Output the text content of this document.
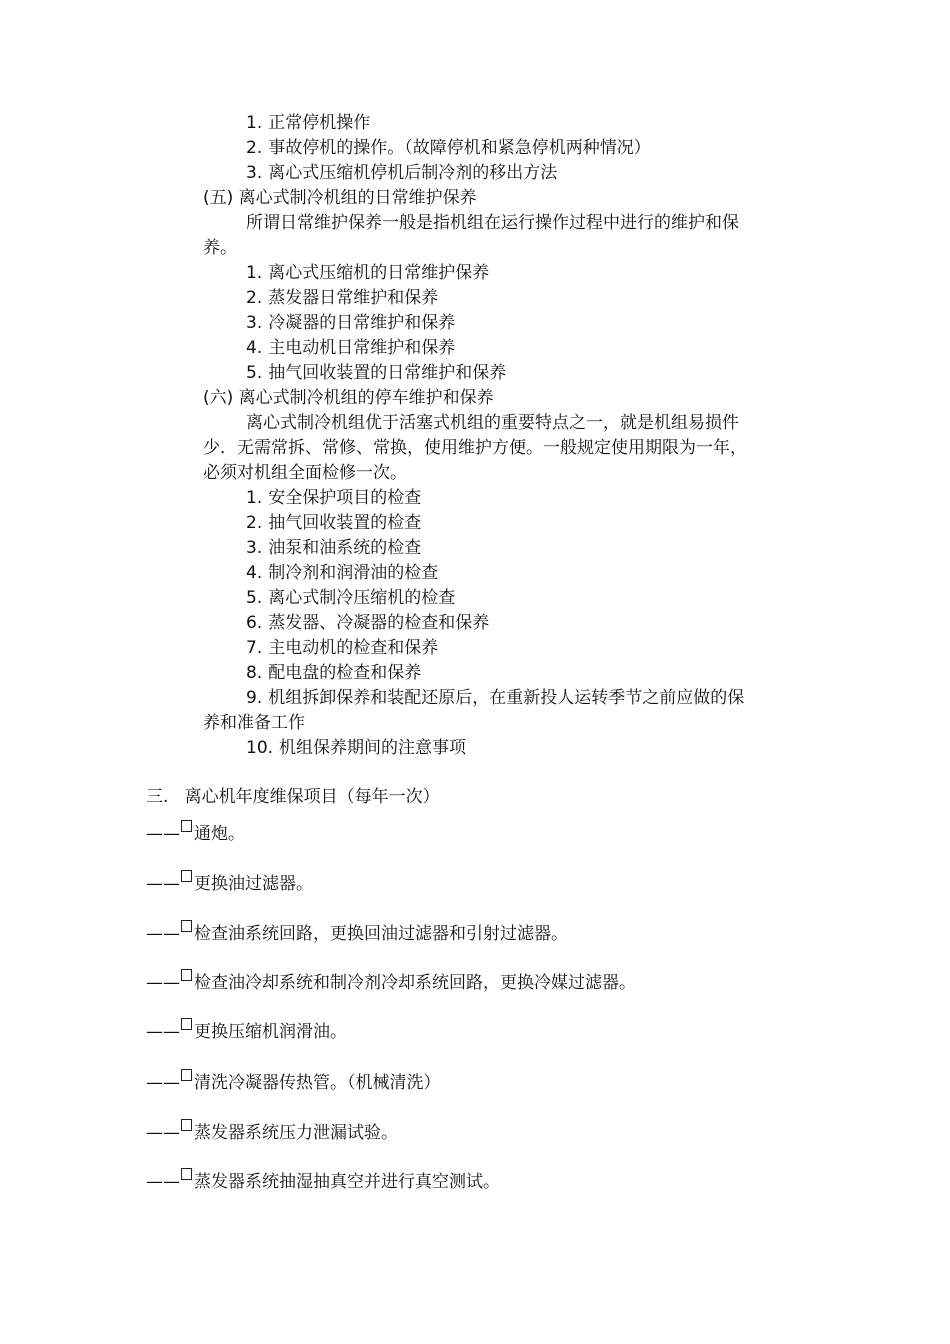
1. 正常停机操作
2. 事故停机的操作。（故障停机和紧急停机两种情况）
3. 离心式压缩机停机后制冷剂的移出方法
(五) 离心式制冷机组的日常维护保养
所谓日常维护保养一般是指机组在运行操作过程中进行的维护和保
养。
1. 离心式压缩机的日常维护保养
2. 蒸发器日常维护和保养
3. 冷凝器的日常维护和保养
4. 主电动机日常维护和保养
5. 抽气回收装置的日常维护和保养
(六) 离心式制冷机组的停车维护和保养
离心式制冷机组优于活塞式机组的重要特点之一，就是机组易损件
少．无需常拆、常修、常换，使用维护方便。一般规定使用期限为一年，
必须对机组全面检修一次。
1. 安全保护项目的检查
2. 抽气回收装置的检查
3. 油泵和油系统的检查
4. 制冷剂和润滑油的检查
5. 离心式制冷压缩机的检查
6. 蒸发器、冷凝器的检查和保养
7. 主电动机的检查和保养
8. 配电盘的检查和保养
9. 机组拆卸保养和装配还原后，在重新投人运转季节之前应做的保
养和准备工作
10. 机组保养期间的注意事项
三.   离心机年度维保项目（每年一次）
—— 通炮。
—— 更换油过滤器。
—— 检查油系统回路，更换回油过滤器和引射过滤器。
—— 检查油冷却系统和制冷剂冷却系统回路，更换冷媒过滤器。
—— 更换压缩机润滑油。
—— 清洗冷凝器传热管。（机械清洗）
—— 蒸发器系统压力泄漏试验。
—— 蒸发器系统抽湿抽真空并进行真空测试。
